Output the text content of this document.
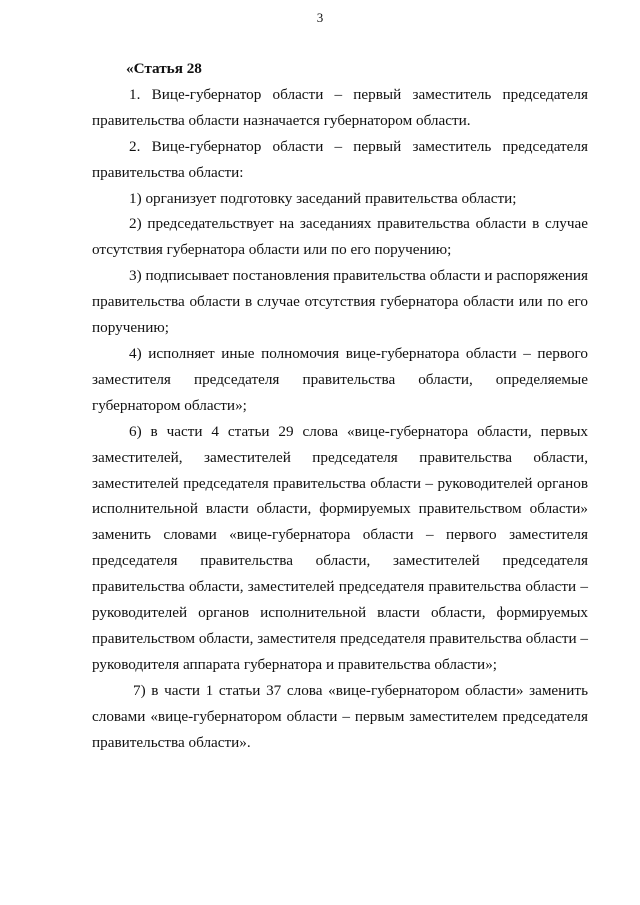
3

«Статья 28

1. Вице-губернатор области – первый заместитель председателя правительства области назначается губернатором области.

2. Вице-губернатор области – первый заместитель председателя правительства области:

1) организует подготовку заседаний правительства области;

2) председательствует на заседаниях правительства области в случае отсутствия губернатора области или по его поручению;

3) подписывает постановления правительства области и распоряжения правительства области в случае отсутствия губернатора области или по его поручению;

4) исполняет иные полномочия вице-губернатора области – первого заместителя председателя правительства области, определяемые губернатором области»;

6) в части 4 статьи 29 слова «вице-губернатора области, первых заместителей, заместителей председателя правительства области, заместителей председателя правительства области – руководителей органов исполнительной власти области, формируемых правительством области» заменить словами «вице-губернатора области – первого заместителя председателя правительства области, заместителей председателя правительства области, заместителей председателя правительства области – руководителей органов исполнительной власти области, формируемых правительством области, заместителя председателя правительства области – руководителя аппарата губернатора и правительства области»;

7) в части 1 статьи 37 слова «вице-губернатором области» заменить словами «вице-губернатором области – первым заместителем председателя правительства области».
